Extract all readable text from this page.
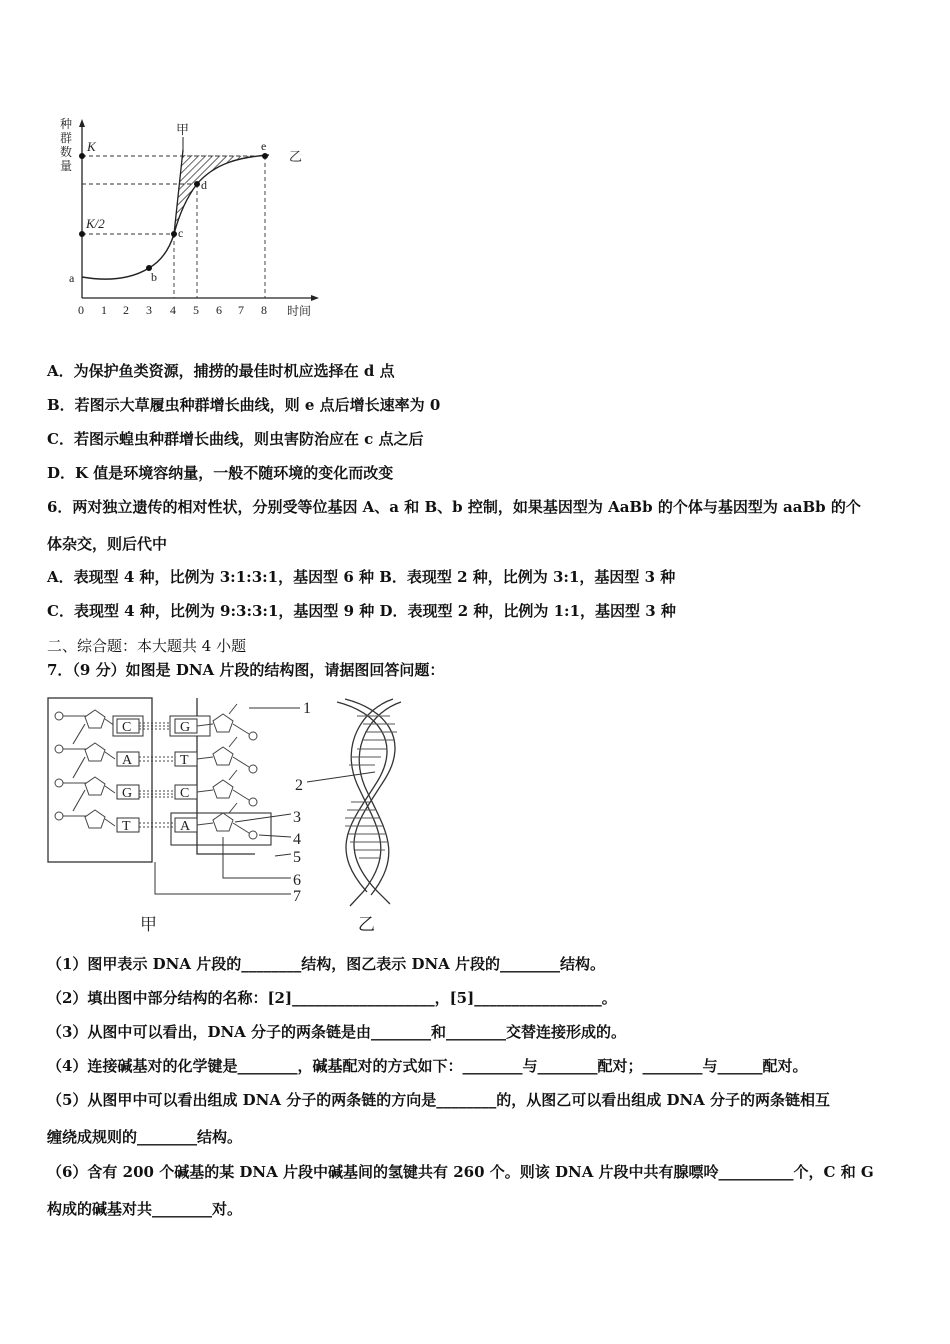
种
群
数
量
K
K/2
a	b
c
d
e
甲
乙
0 1 2 3 4 5 6 7 8 时间
A．为保护鱼类资源，捕捞的最佳时机应选择在 d 点
B．若图示大草履虫种群增长曲线，则 e 点后增长速率为 0
C．若图示蝗虫种群增长曲线，则虫害防治应在 c 点之后
D．K 值是环境容纳量，一般不随环境的变化而改变
6．两对独立遗传的相对性状，分别受等位基因 A、a 和 B、b 控制，如果基因型为 AaBb 的个体与基因型为 aaBb 的个
体杂交，则后代中
A．表现型 4 种，比例为 3:1:3:1，基因型 6 种 B．表现型 2 种，比例为 3:1，基因型 3 种
C．表现型 4 种，比例为 9:3:3:1，基因型 9 种 D．表现型 2 种，比例为 1:1，基因型 3 种
二、综合题：本大题共 4 小题
7．（9 分）如图是 DNA 片段的结构图，请据图回答问题：
C
A
G
T
G
T
C
A
1
2
3
4
5
6
7
甲	乙
（1）图甲表示 DNA 片段的________结构，图乙表示 DNA 片段的________结构。
（2）填出图中部分结构的名称：[2]___________________，[5]_________________。
（3）从图中可以看出，DNA 分子的两条链是由________和________交替连接形成的。
（4）连接碱基对的化学键是________，碱基配对的方式如下：________与________配对；________与______配对。
（5）从图甲中可以看出组成 DNA 分子的两条链的方向是________的，从图乙可以看出组成 DNA 分子的两条链相互
缠绕成规则的________结构。
（6）含有 200 个碱基的某 DNA 片段中碱基间的氢键共有 260 个。则该 DNA 片段中共有腺嘌呤__________个，C 和 G
构成的碱基对共________对。
